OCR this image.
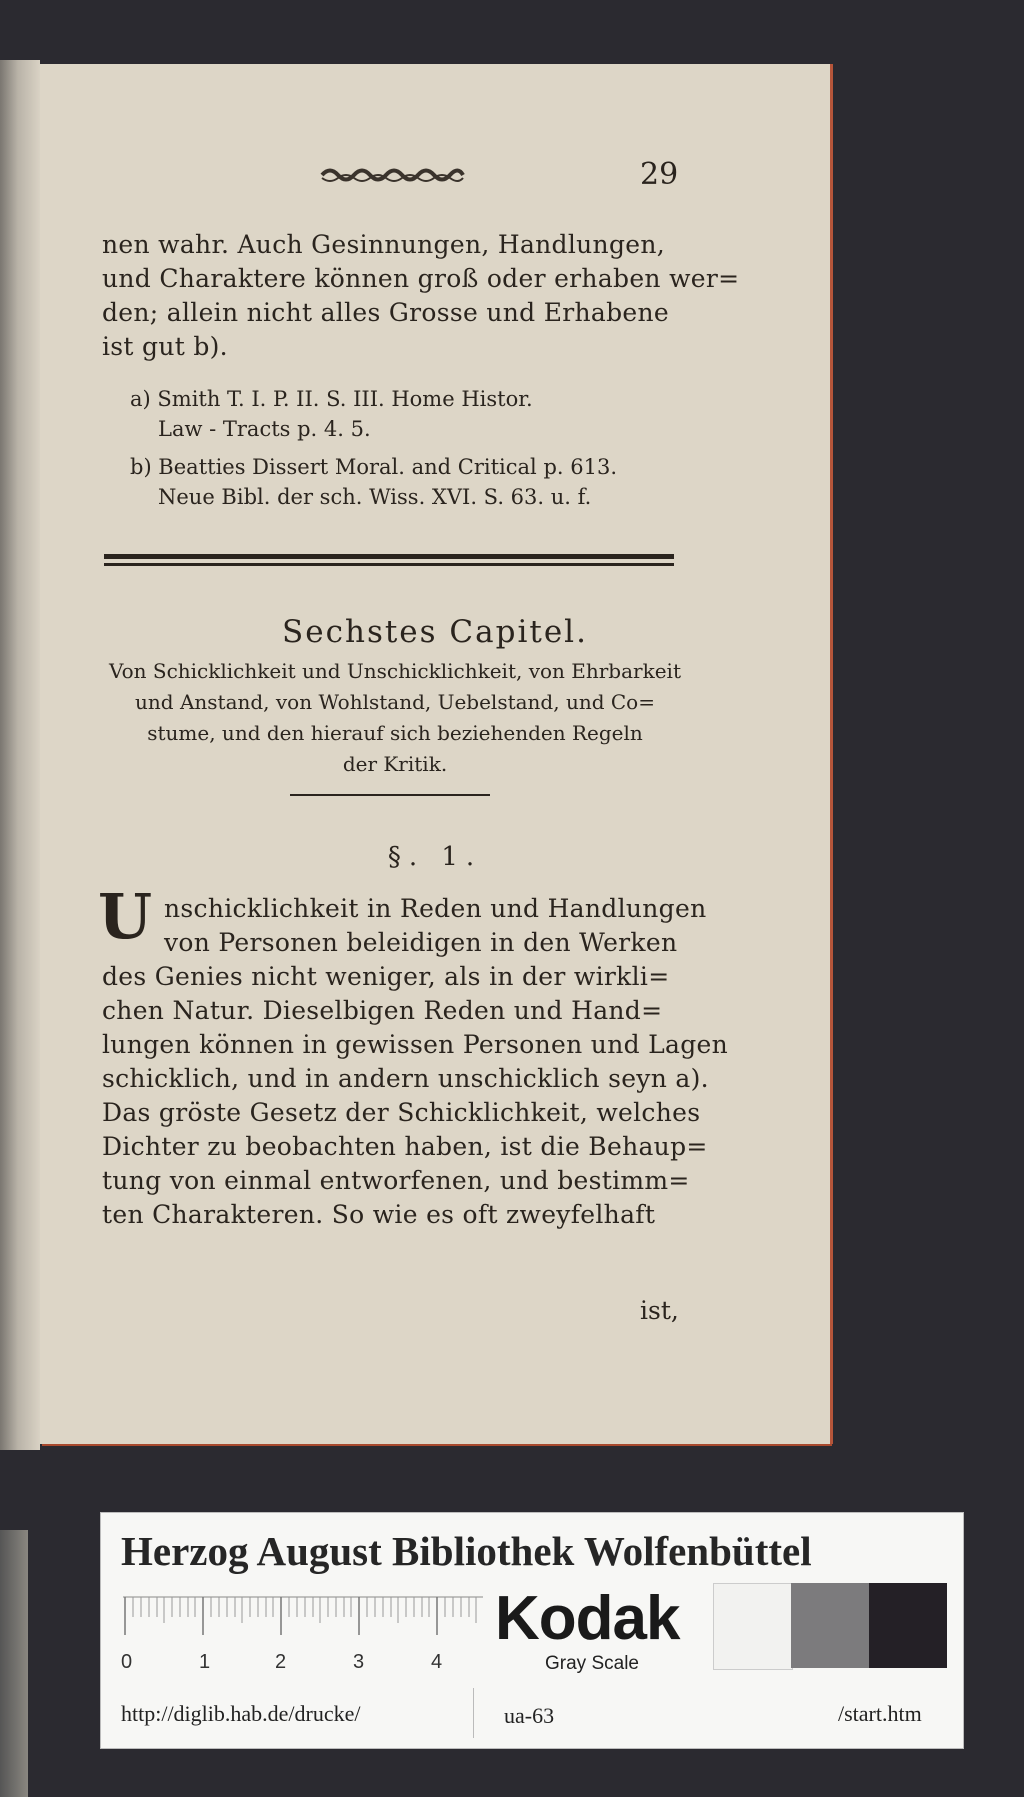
29
nen wahr. Auch Gesinnungen, Handlungen,
und Charaktere können groß oder erhaben wer=
den; allein nicht alles Grosse und Erhabene
ist gut b).
a) Smith T. I. P. II. S. III. Home Histor.
Law - Tracts p. 4. 5.
b) Beatties Dissert Moral. and Critical p. 613.
Neue Bibl. der sch. Wiss. XVI. S. 63. u. f.
Sechstes Capitel.
Von Schicklichkeit und Unschicklichkeit, von Ehrbarkeit
und Anstand, von Wohlstand, Uebelstand, und Co=
stume, und den hierauf sich beziehenden Regeln
der Kritik.
§. 1.
U nschicklichkeit in Reden und Handlungen
von Personen beleidigen in den Werken
des Genies nicht weniger, als in der wirkli=
chen Natur. Dieselbigen Reden und Hand=
lungen können in gewissen Personen und Lagen
schicklich, und in andern unschicklich seyn a).
Das gröste Gesetz der Schicklichkeit, welches
Dichter zu beobachten haben, ist die Behaup=
tung von einmal entworfenen, und bestimm=
ten Charakteren. So wie es oft zweyfelhaft
ist,
Herzog August Bibliothek Wolfenbüttel
0	1	2	3	4
Kodak
Gray Scale
http://diglib.hab.de/drucke/	ua-63	/start.htm
